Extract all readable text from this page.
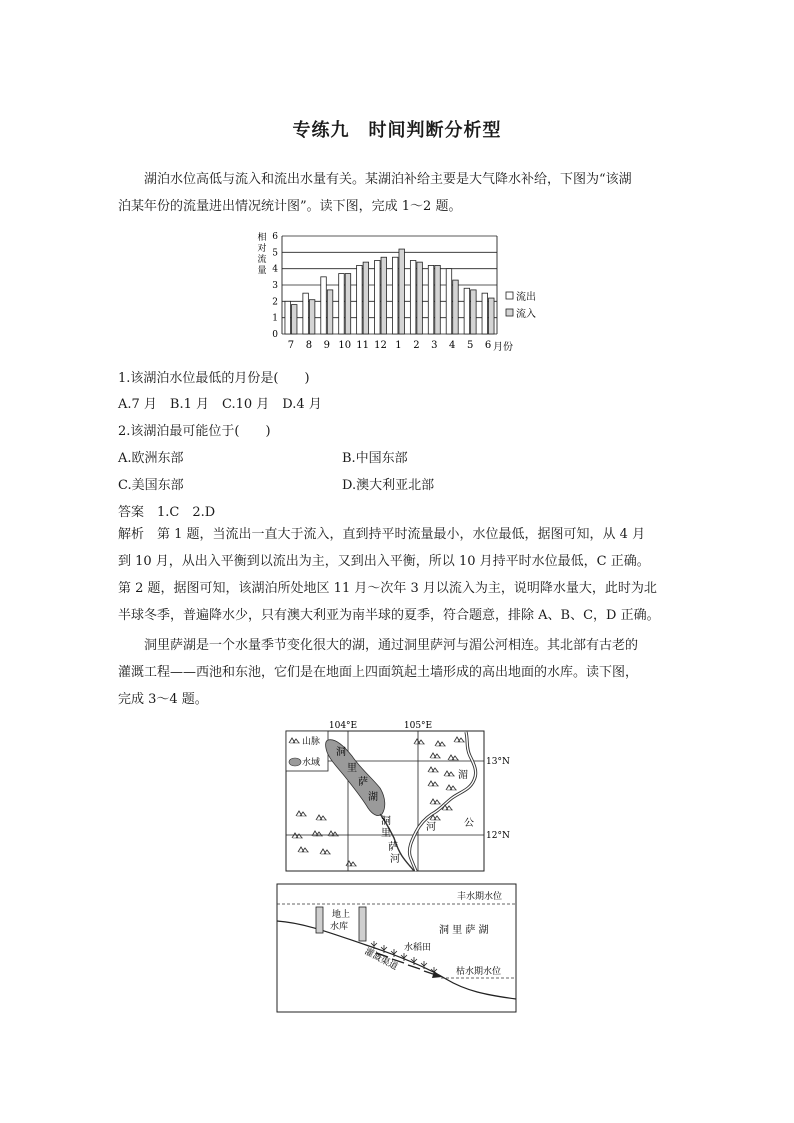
专练九　时间判断分析型
湖泊水位高低与流入和流出水量有关。某湖泊补给主要是大气降水补给，下图为“该湖
泊某年份的流量进出情况统计图”。读下图，完成 1～2 题。
相
对
流
量
0
1
2
3
4
5
6
7 8 9 10 11 12 1 2 3 4 5 6 月份
流出
流入
1.该湖泊水位最低的月份是(　　)
A.7 月　B.1 月　C.10 月　D.4 月
2.该湖泊最可能位于(　　)
A.欧洲东部	B.中国东部
C.美国东部	D.澳大利亚北部
答案　1.C　2.D
解析　第 1 题，当流出一直大于流入，直到持平时流量最小，水位最低，据图可知，从 4 月
到 10 月，从出入平衡到以流出为主，又到出入平衡，所以 10 月持平时水位最低，C 正确。
第 2 题，据图可知，该湖泊所处地区 11 月～次年 3 月以流入为主，说明降水量大，此时为北
半球冬季，普遍降水少，只有澳大利亚为南半球的夏季，符合题意，排除 A、B、C，D 正确。
洞里萨湖是一个水量季节变化很大的湖，通过洞里萨河与湄公河相连。其北部有古老的
灌溉工程——西池和东池，它们是在地面上四面筑起土墙形成的高出地面的水库。读下图，
完成 3～4 题。
104°E	105°E
13°N
12°N
山脉
水域
洞
里
萨
湖
洞
里
萨
河
湄
河	公
丰水期水位
枯水期水位
地上
水库	洞 里 萨 湖
水稻田
灌溉渠道
